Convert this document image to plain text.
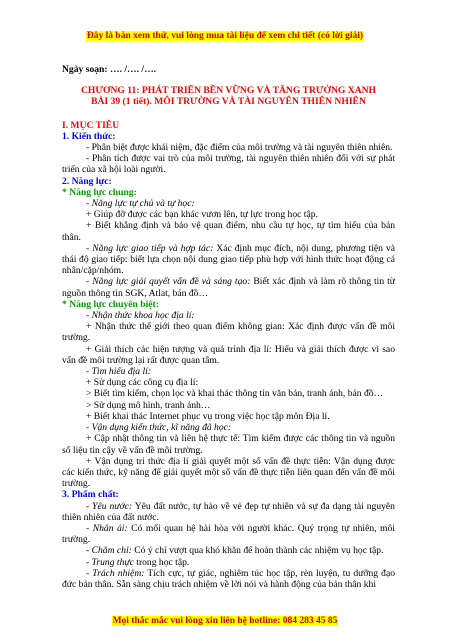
Đây là bản xem thử, vui lòng mua tài liệu để xem chi tiết (có lời giải)

Ngày soạn: …. /…. /….

CHƯƠNG 11: PHÁT TRIỂN BỀN VỮNG VÀ TĂNG TRƯỞNG XANH

BÀI 39 (1 tiết). MÔI TRƯỜNG VÀ TÀI NGUYÊN THIÊN NHIÊN

I. MỤC TIÊU

1. Kiến thức:

- Phân biệt được khái niệm, đặc điểm của môi trường và tài nguyên thiên nhiên.

- Phân tích được vai trò của môi trường, tài nguyên thiên nhiên đối với sự phát triển của xã hội loài người.

2. Năng lực:

* Năng lực chung:

- Năng lực tự chủ và tự học:

+ Giúp đỡ được các bạn khác vươn lên, tự lực trong học tập.

+ Biết khẳng định và bảo vệ quan điểm, nhu cầu tự học, tự tìm hiểu của bản thân.

- Năng lực giao tiếp và hợp tác: Xác định mục đích, nội dung, phương tiện và thái độ giao tiếp: biết lựa chọn nội dung giao tiếp phù hợp với hình thức hoạt động cá nhân/cặp/nhóm.

- Năng lực giải quyết vấn đề và sáng tạo: Biết xác định và làm rõ thông tin từ nguồn thông tin SGK, Atlat, bản đồ…

* Năng lực chuyên biệt:

- Nhận thức khoa học địa lí:

+ Nhận thức thế giới theo quan điểm không gian: Xác định được vấn đề môi trường.

+ Giải thích các hiện tượng và quá trình địa lí: Hiểu và giải thích được vì sao vấn đề môi trường lại rất được quan tâm.

- Tìm hiểu địa lí:

+ Sử dụng các công cụ địa lí:

> Biết tìm kiếm, chọn lọc và khai thác thông tin văn bản, tranh ảnh, bản đồ…

> Sử dụng mô hình, tranh ảnh…

+ Biết khai thác Internet phục vụ trong việc học tập môn Địa lí.

- Vận dụng kiến thức, kĩ năng đã học:

+ Cập nhật thông tin và liên hệ thực tế: Tìm kiếm được các thông tin và nguồn số liệu tin cậy về vấn đề môi trường.

+ Vận dụng tri thức địa lí giải quyết một số vấn đề thực tiễn: Vận dụng được các kiến thức, kỹ năng để giải quyết một số vấn đề thực tiễn liên quan đến vấn đề môi trường.

3. Phẩm chất:

- Yêu nước: Yêu đất nước, tự hào về vẻ đẹp tự nhiên và sự đa dạng tài nguyên thiên nhiên của đất nước.

- Nhân ái: Có mối quan hệ hài hòa với người khác. Quý trọng tự nhiên, môi trường.

- Chăm chỉ: Có ý chí vượt qua khó khăn để hoàn thành các nhiệm vụ học tập.

- Trung thực trong học tập.

- Trách nhiệm: Tích cực, tự giác, nghiêm túc học tập, rèn luyện, tu dưỡng đạo đức bản thân. Sẵn sàng chịu trách nhiệm về lời nói và hành động của bản thân khi

Mọi thắc mắc vui lòng xin liên hệ hotline: 084 283 45 85
